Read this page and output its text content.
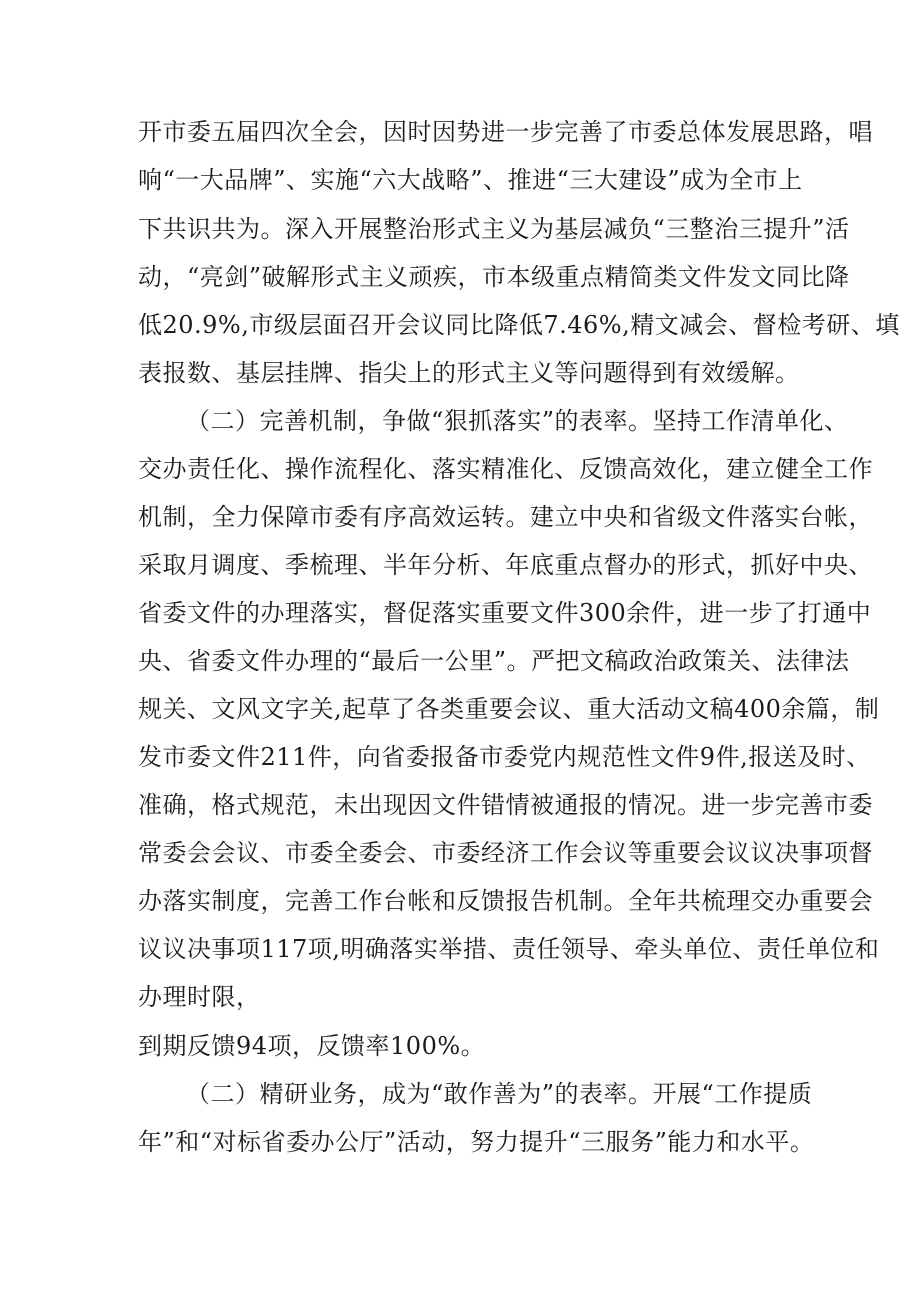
开市委五届四次全会，因时因势进一步完善了市委总体发展思路，唱
响“一大品牌”、实施“六大战略”、推进“三大建设”成为全市上
下共识共为。深入开展整治形式主义为基层减负“三整治三提升”活
动，“亮剑”破解形式主义顽疾，市本级重点精简类文件发文同比降
低20.9%,市级层面召开会议同比降低7.46%,精文减会、督检考研、填
表报数、基层挂牌、指尖上的形式主义等问题得到有效缓解。
（二）完善机制，争做“狠抓落实”的表率。坚持工作清单化、
交办责任化、操作流程化、落实精准化、反馈高效化，建立健全工作
机制，全力保障市委有序高效运转。建立中央和省级文件落实台帐，
采取月调度、季梳理、半年分析、年底重点督办的形式，抓好中央、
省委文件的办理落实，督促落实重要文件300余件，进一步了打通中
央、省委文件办理的“最后一公里”。严把文稿政治政策关、法律法
规关、文风文字关,起草了各类重要会议、重大活动文稿400余篇，制
发市委文件211件，向省委报备市委党内规范性文件9件,报送及时、
准确，格式规范，未出现因文件错情被通报的情况。进一步完善市委
常委会会议、市委全委会、市委经济工作会议等重要会议议决事项督
办落实制度，完善工作台帐和反馈报告机制。全年共梳理交办重要会
议议决事项117项,明确落实举措、责任领导、牵头单位、责任单位和
办理时限，
到期反馈94项，反馈率100%。
（二）精研业务，成为“敢作善为”的表率。开展“工作提质
年”和“对标省委办公厅”活动，努力提升“三服务”能力和水平。
